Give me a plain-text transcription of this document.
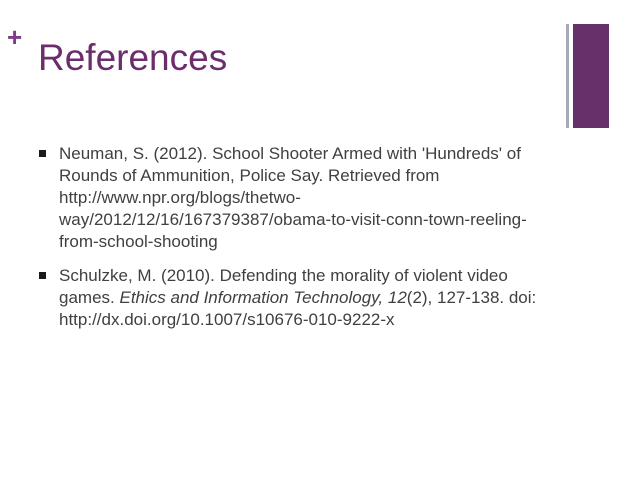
+ References
Neuman, S. (2012). School Shooter Armed with 'Hundreds' of
Rounds of Ammunition, Police Say. Retrieved from
http://www.npr.org/blogs/thetwo-
way/2012/12/16/167379387/obama-to-visit-conn-town-reeling-
from-school-shooting
Schulzke, M. (2010). Defending the morality of violent video
games. Ethics and Information Technology, 12(2), 127-138. doi:
http://dx.doi.org/10.1007/s10676-010-9222-x
